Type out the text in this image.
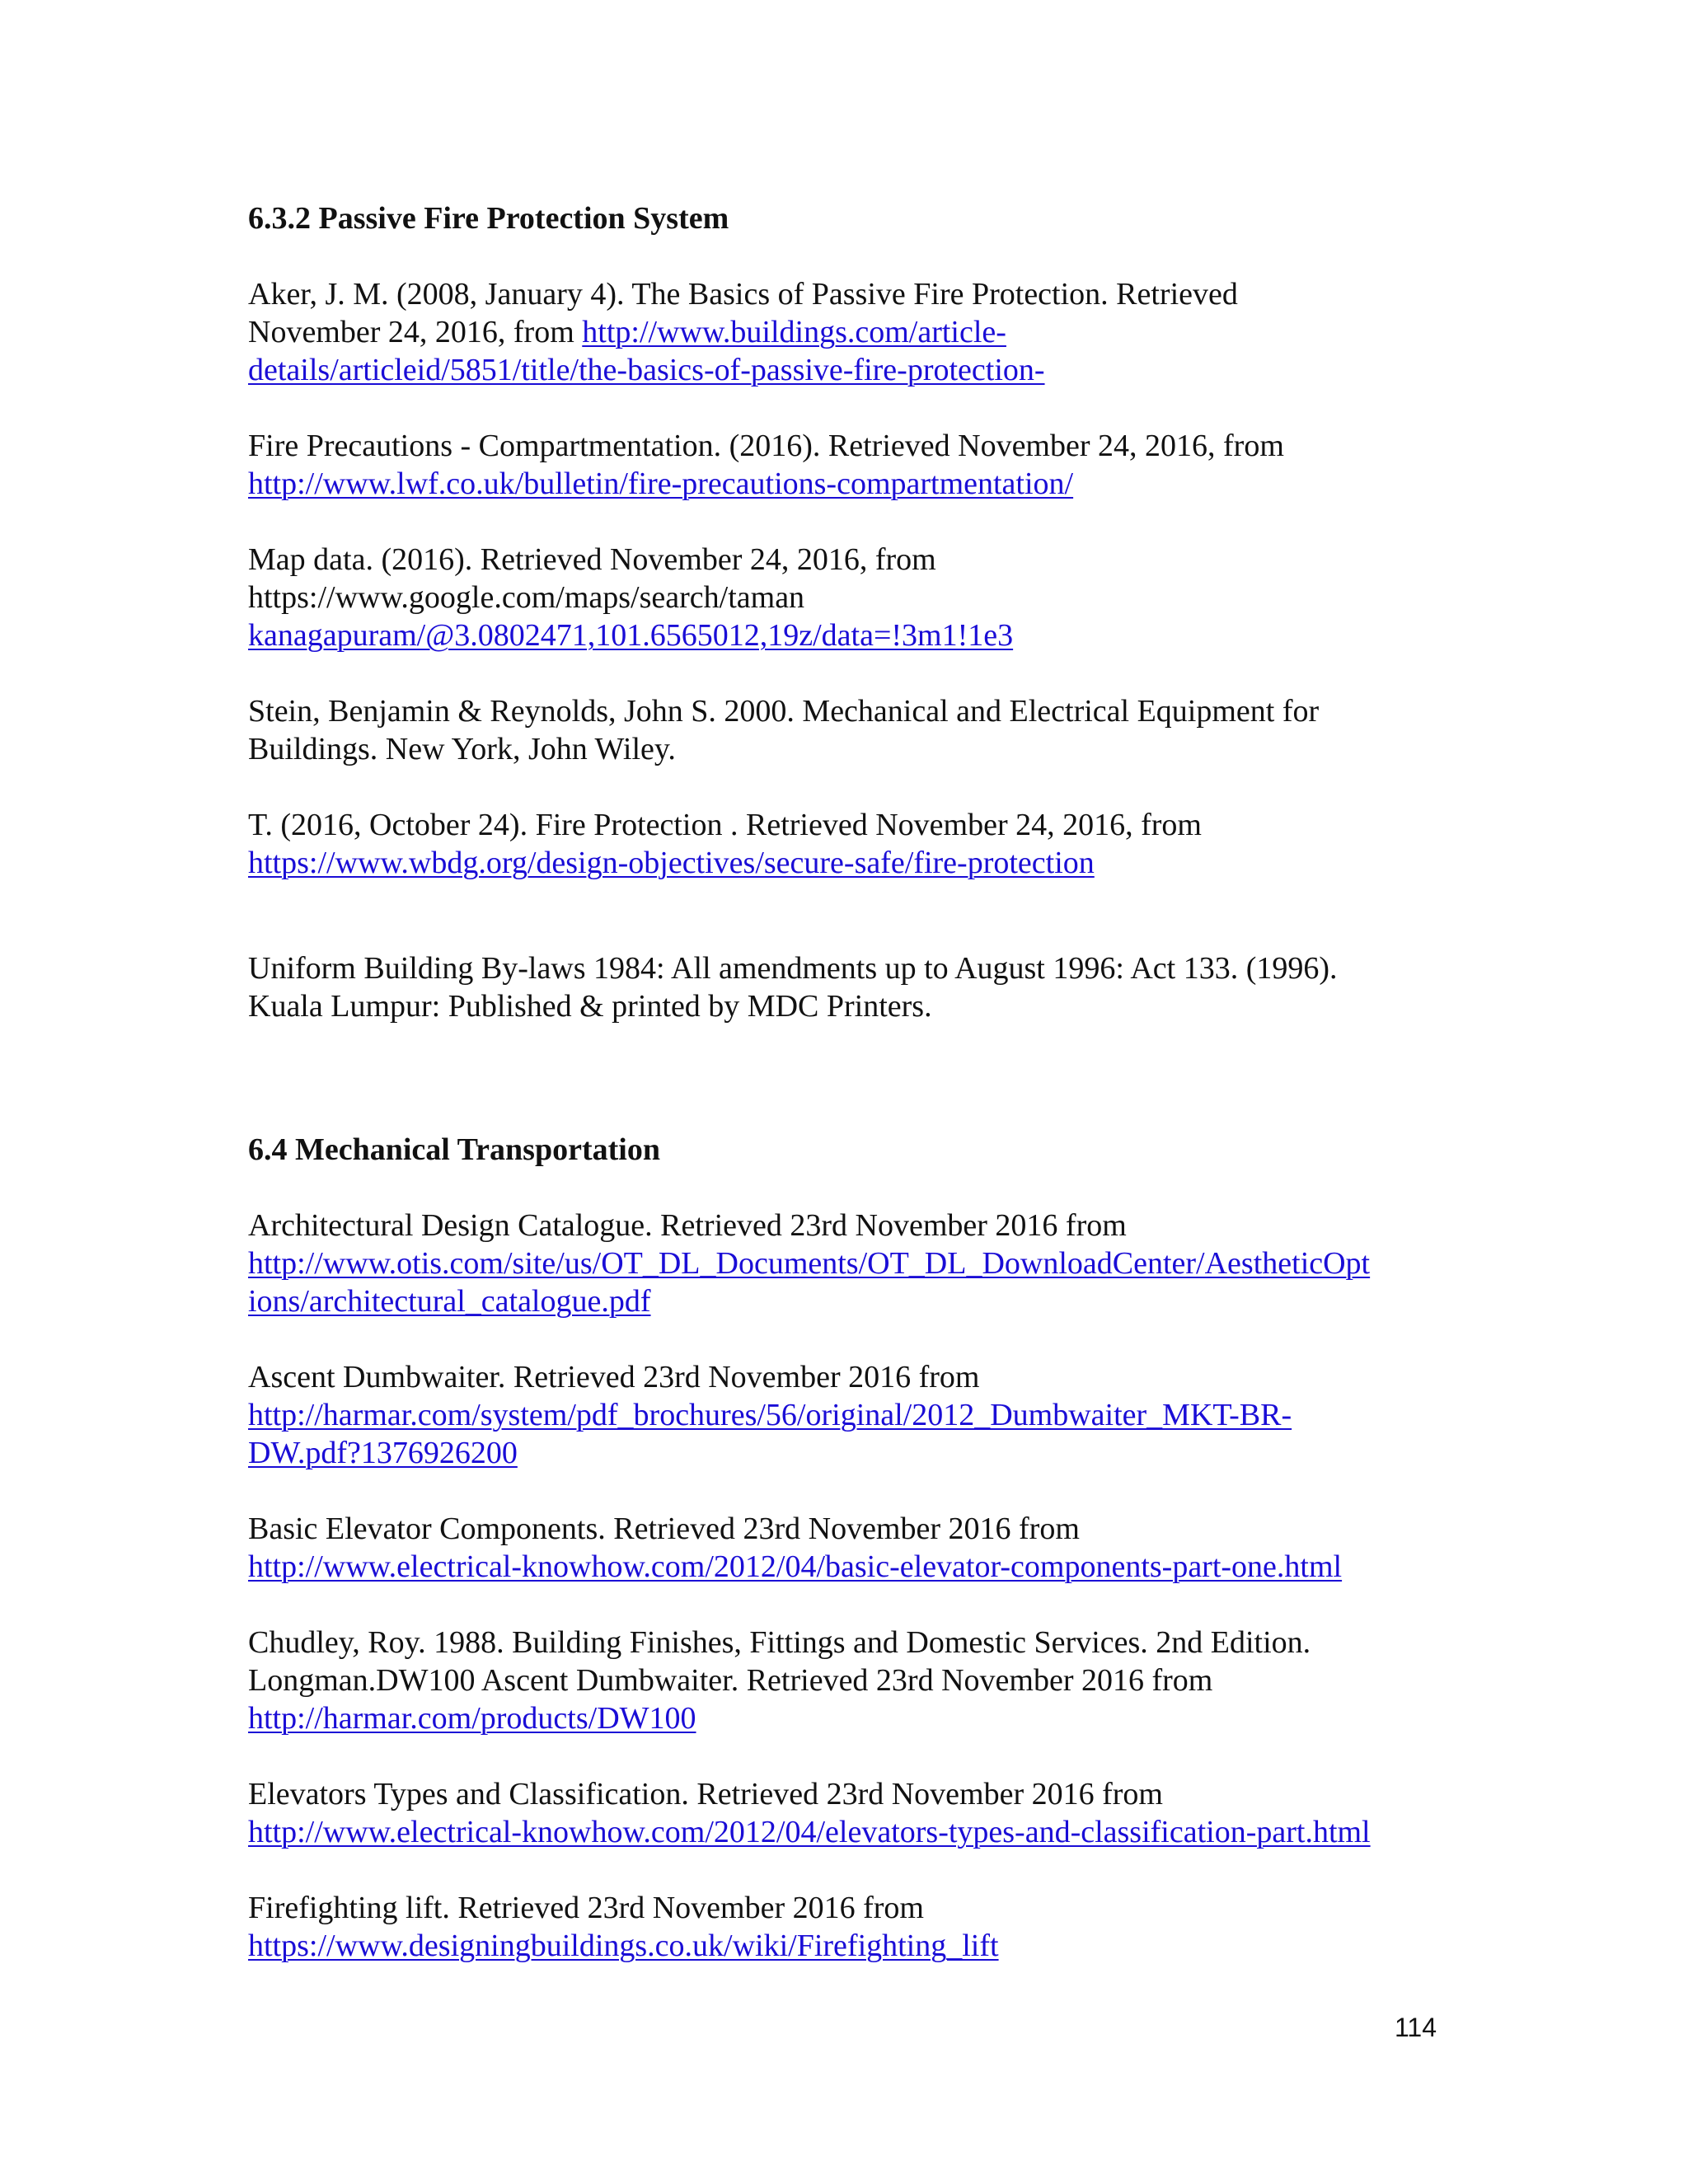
6.3.2 Passive Fire Protection System
Aker, J. M. (2008, January 4). The Basics of Passive Fire Protection. Retrieved
November 24, 2016, from http://www.buildings.com/article-
details/articleid/5851/title/the-basics-of-passive-fire-protection-
Fire Precautions - Compartmentation. (2016). Retrieved November 24, 2016, from
http://www.lwf.co.uk/bulletin/fire-precautions-compartmentation/
Map data. (2016). Retrieved November 24, 2016, from
https://www.google.com/maps/search/taman
kanagapuram/@3.0802471,101.6565012,19z/data=!3m1!1e3
Stein, Benjamin & Reynolds, John S. 2000. Mechanical and Electrical Equipment for
Buildings. New York, John Wiley.
T. (2016, October 24). Fire Protection . Retrieved November 24, 2016, from
https://www.wbdg.org/design-objectives/secure-safe/fire-protection
Uniform Building By-laws 1984: All amendments up to August 1996: Act 133. (1996).
Kuala Lumpur: Published & printed by MDC Printers.
6.4 Mechanical Transportation
Architectural Design Catalogue. Retrieved 23rd November 2016 from
http://www.otis.com/site/us/OT_DL_Documents/OT_DL_DownloadCenter/AestheticOpt
ions/architectural_catalogue.pdf
Ascent Dumbwaiter. Retrieved 23rd November 2016 from
http://harmar.com/system/pdf_brochures/56/original/2012_Dumbwaiter_MKT-BR-
DW.pdf?1376926200
Basic Elevator Components. Retrieved 23rd November 2016 from
http://www.electrical-knowhow.com/2012/04/basic-elevator-components-part-one.html
Chudley, Roy. 1988. Building Finishes, Fittings and Domestic Services. 2nd Edition.
Longman.DW100 Ascent Dumbwaiter. Retrieved 23rd November 2016 from
http://harmar.com/products/DW100
Elevators Types and Classification. Retrieved 23rd November 2016 from
http://www.electrical-knowhow.com/2012/04/elevators-types-and-classification-part.html
Firefighting lift. Retrieved 23rd November 2016 from
https://www.designingbuildings.co.uk/wiki/Firefighting_lift
114
